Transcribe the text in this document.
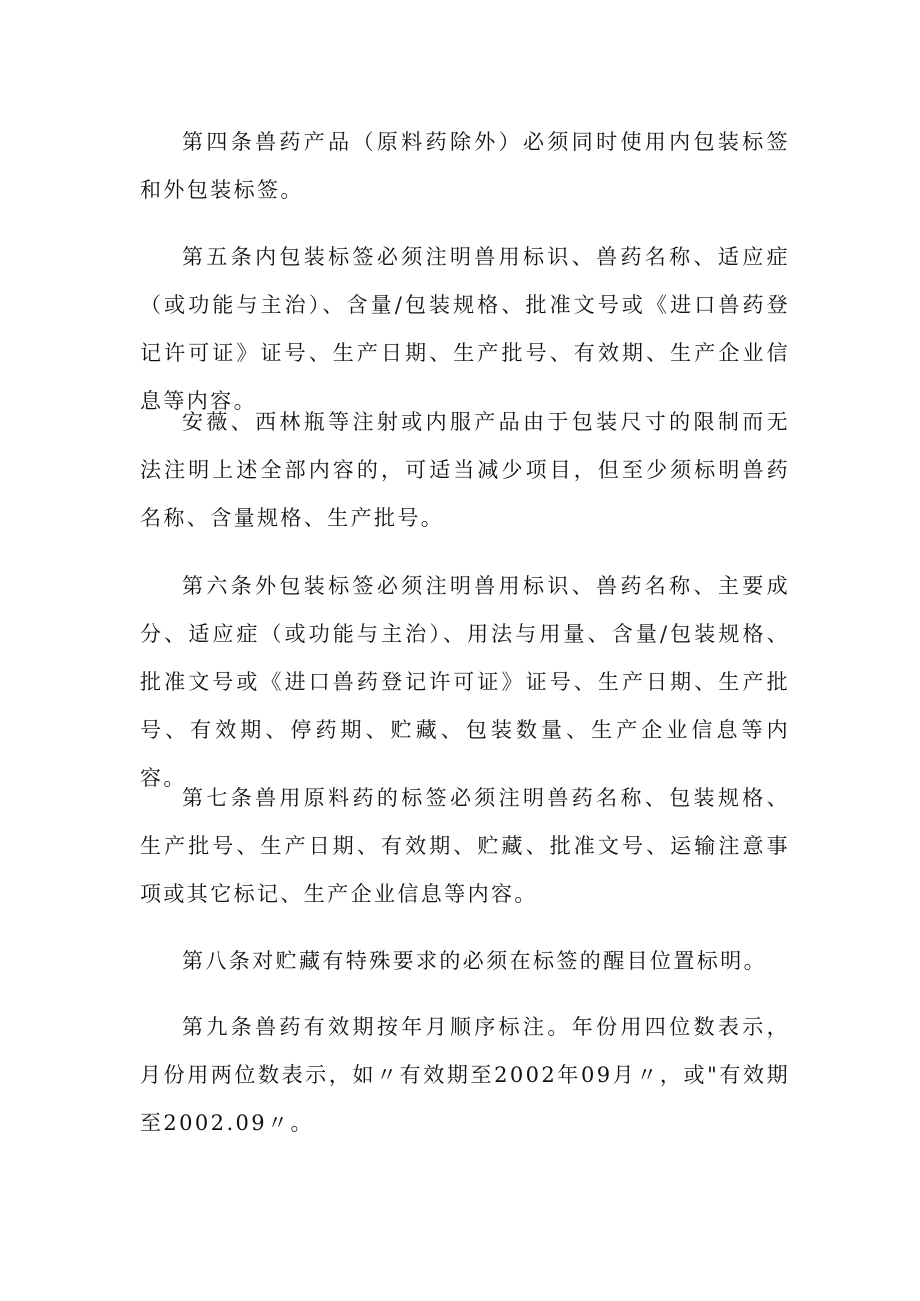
第四条兽药产品（原料药除外）必须同时使用内包装标签和外包装标签。

第五条内包装标签必须注明兽用标识、兽药名称、适应症（或功能与主治）、含量/包装规格、批准文号或《进口兽药登记许可证》证号、生产日期、生产批号、有效期、生产企业信息等内容。

安薇、西林瓶等注射或内服产品由于包装尺寸的限制而无法注明上述全部内容的，可适当减少项目，但至少须标明兽药名称、含量规格、生产批号。

第六条外包装标签必须注明兽用标识、兽药名称、主要成分、适应症（或功能与主治）、用法与用量、含量/包装规格、批准文号或《进口兽药登记许可证》证号、生产日期、生产批号、有效期、停药期、贮藏、包装数量、生产企业信息等内容。

第七条兽用原料药的标签必须注明兽药名称、包装规格、生产批号、生产日期、有效期、贮藏、批准文号、运输注意事项或其它标记、生产企业信息等内容。

第八条对贮藏有特殊要求的必须在标签的醒目位置标明。

第九条兽药有效期按年月顺序标注。年份用四位数表示，月份用两位数表示，如〃有效期至2002年09月〃，或"有效期至2002.09〃。
